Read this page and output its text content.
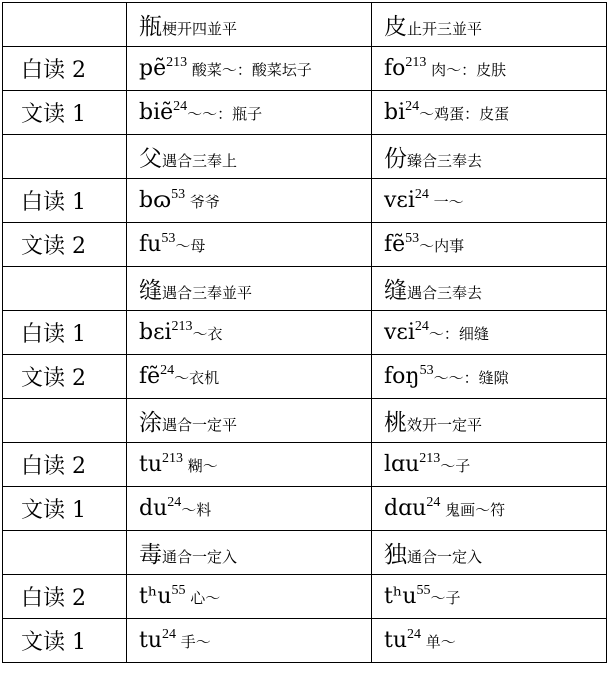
	瓶梗开四並平	皮止开三並平
白读 2	pẽ$^{213}$ 酸菜～：酸菜坛子	$fo^{213}$ 肉～：皮肤
文读 1	biẽ$^{24}$～～：瓶子	$bi^{24}\sim$鸡蛋：皮蛋
	父遇合三奉上	份臻合三奉去
白读 1	bɷ$^{53}$ 爷爷	vɛi$^{24}$ 一～
文读 2	$fu^{53}\sim$母	fẽ$^{53}$～内事
	缝遇合三奉並平	缝遇合三奉去
白读 1	bɛi$^{213}$～衣	vɛi$^{24}$～：细缝
文读 2	fẽ$^{24}$～衣机	foŋ$^{53}$～～：缝隙
	涂遇合一定平	桃效开一定平
白读 2	$tu^{213}$ 糊～	lɑu$^{213}$～子
文读 1	$du^{24}\sim$料	dɑu$^{24}$ 鬼画～符
	毒通合一定入	独通合一定入
白读 2	tʰu$^{55}$ 心～	tʰu$^{55}$～子
文读 1	$tu^{24}$ 手～	$tu^{24}$ 单～
